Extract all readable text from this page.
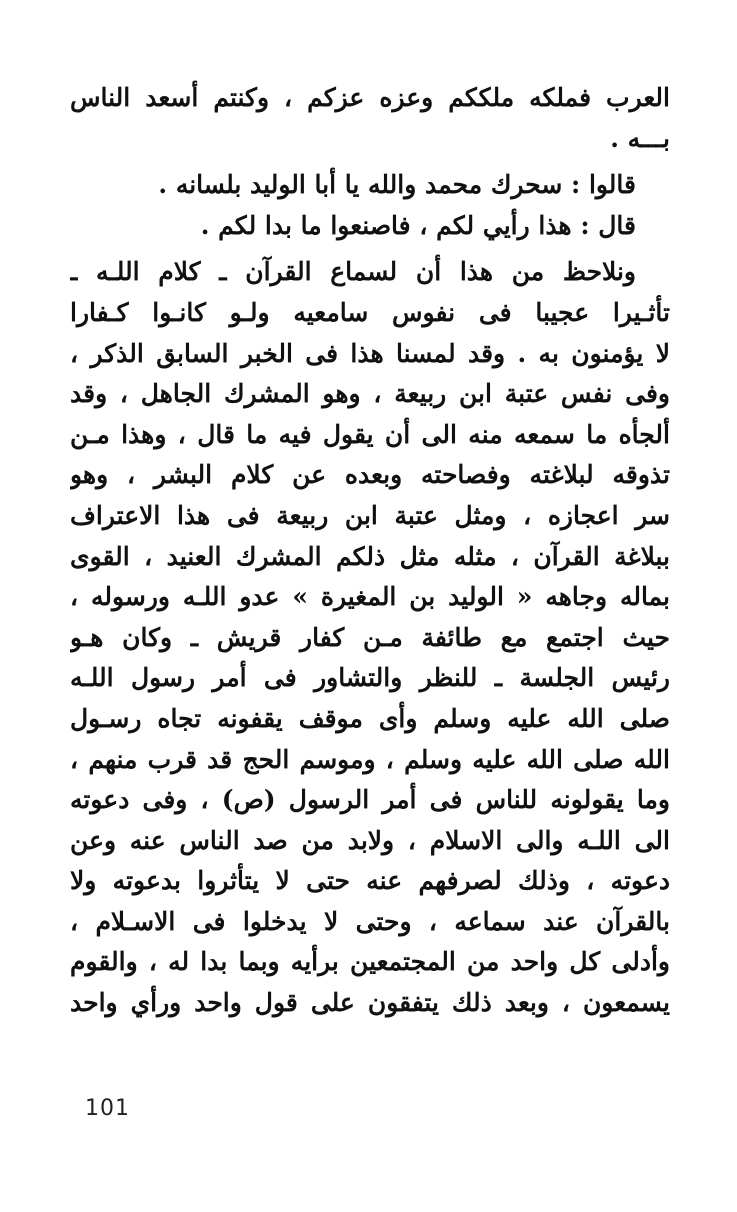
العرب فملكه ملككم وعزه عزكم ، وكنتم أسعد الناس
بـــه .
قالوا : سحرك محمد والله يا أبا الوليد بلسانه .
قال : هذا رأيي لكم ، فاصنعوا ما بدا لكم .
ونلاحظ من هذا أن لسماع القرآن ـ كلام اللـه ـ
تأثـيرا عجيبا فى نفوس سامعيه ولـو كانـوا كـفارا
لا يؤمنون به . وقد لمسنا هذا فى الخبر السابق الذكر ،
وفى نفس عتبة ابن ربيعة ، وهو المشرك الجاهل ، وقد
ألجأه ما سمعه منه الى أن يقول فيه ما قال ، وهذا مـن
تذوقه لبلاغته وفصاحته وبعده عن كلام البشر ، وهو
سر اعجازه ، ومثل عتبة ابن ربيعة فى هذا الاعتراف
ببلاغة القرآن ، مثله مثل ذلكم المشرك العنيد ، القوى
بماله وجاهه « الوليد بن المغيرة » عدو اللـه ورسوله ،
حيث اجتمع مع طائفة مـن كفار قريش ـ وكان هـو
رئيس الجلسة ـ للنظر والتشاور فى أمر رسول اللـه
صلى الله عليه وسلم وأى موقف يقفونه تجاه رسـول
الله صلى الله عليه وسلم ، وموسم الحج قد قرب منهم ،
وما يقولونه للناس فى أمر الرسول (ص) ، وفى دعوته
الى اللـه والى الاسلام ، ولابد من صد الناس عنه وعن
دعوته ، وذلك لصرفهم عنه حتى لا يتأثروا بدعوته ولا
بالقرآن عند سماعه ، وحتى لا يدخلوا فى الاسـلام ،
وأدلى كل واحد من المجتمعين برأيه وبما بدا له ، والقوم
يسمعون ، وبعد ذلك يتفقون على قول واحد ورأي واحد
101
